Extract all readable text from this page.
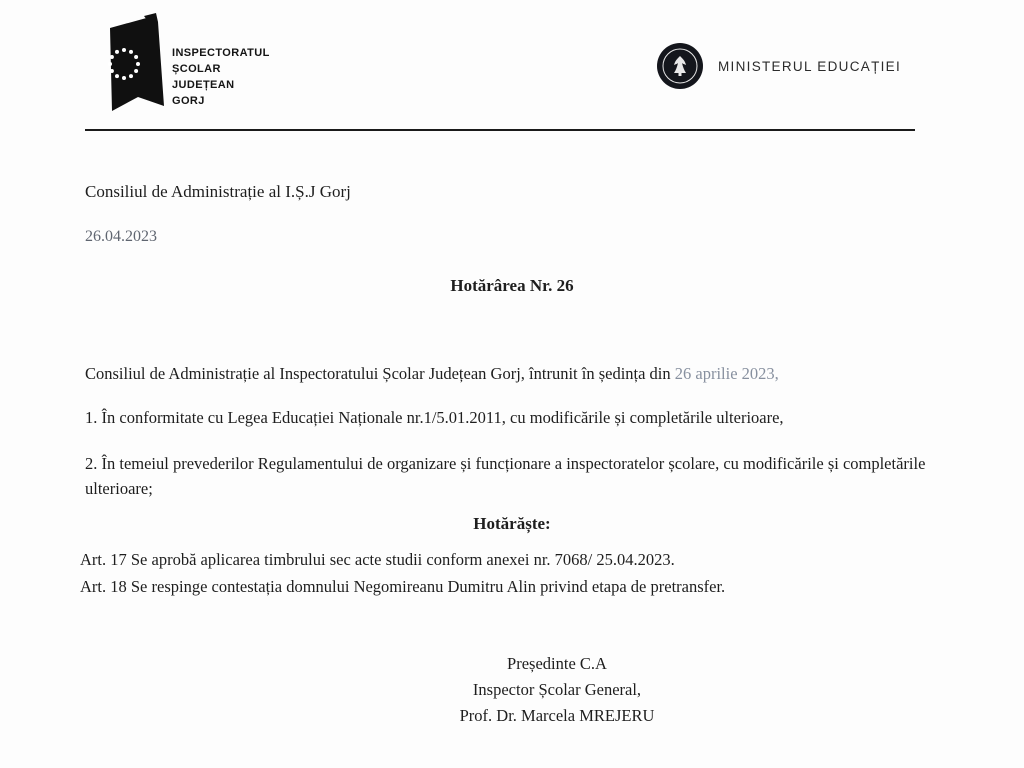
INSPECTORATUL
ȘCOLAR
JUDEȚEAN
GORJ
MINISTERUL EDUCAȚIEI

Consiliul de Administrație al I.Ș.J Gorj

26.04.2023

Hotărârea Nr. 26

Consiliul de Administrație al Inspectoratului Școlar Județean Gorj, întrunit în ședința din 26 aprilie 2023,

1. În conformitate cu Legea Educației Naționale nr.1/5.01.2011, cu modificările și completările ulterioare,

2. În temeiul prevederilor Regulamentului de organizare și funcționare a inspectoratelor școlare, cu modificările și completările ulterioare;

Hotărăște:

Art. 17 Se aprobă aplicarea timbrului sec acte studii conform anexei nr. 7068/ 25.04.2023.

Art. 18 Se respinge contestația domnului Negomireanu Dumitru Alin privind etapa de pretransfer.

Președinte C.A

Inspector Școlar General,

Prof. Dr. Marcela MREJERU
